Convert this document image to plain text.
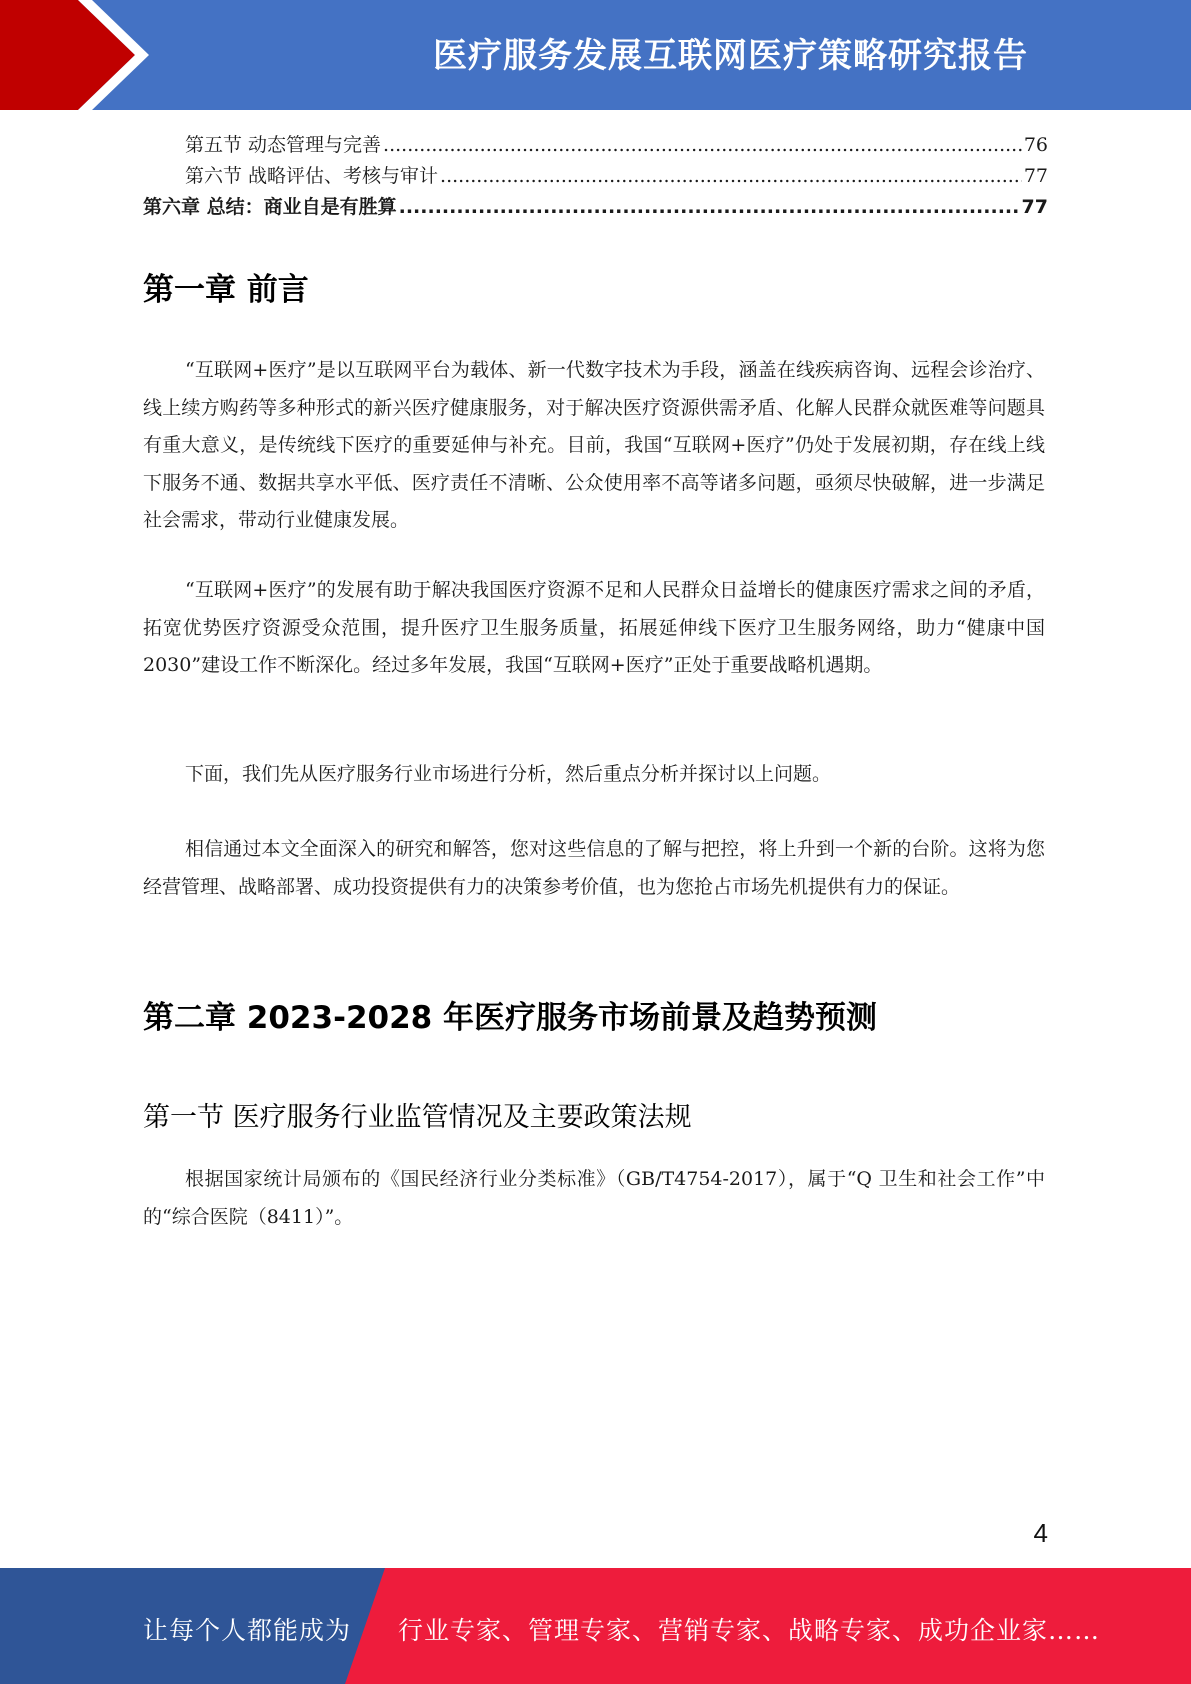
医疗服务发展互联网医疗策略研究报告
第五节 动态管理与完善 .....	76
第六节 战略评估、考核与审计 .....	77
第六章 总结：商业自是有胜算 .....	77
第一章 前言
“互联网+医疗”是以互联网平台为载体、新一代数字技术为手段，涵盖在线疾病咨询、远程会诊治疗、线上续方购药等多种形式的新兴医疗健康服务，对于解决医疗资源供需矛盾、化解人民群众就医难等问题具有重大意义，是传统线下医疗的重要延伸与补充。目前，我国“互联网+医疗”仍处于发展初期，存在线上线下服务不通、数据共享水平低、医疗责任不清晰、公众使用率不高等诸多问题，亟须尽快破解，进一步满足社会需求，带动行业健康发展。
“互联网+医疗”的发展有助于解决我国医疗资源不足和人民群众日益增长的健康医疗需求之间的矛盾，拓宽优势医疗资源受众范围，提升医疗卫生服务质量，拓展延伸线下医疗卫生服务网络，助力“健康中国 2030”建设工作不断深化。经过多年发展，我国“互联网+医疗”正处于重要战略机遇期。
下面，我们先从医疗服务行业市场进行分析，然后重点分析并探讨以上问题。
相信通过本文全面深入的研究和解答，您对这些信息的了解与把控，将上升到一个新的台阶。这将为您经营管理、战略部署、成功投资提供有力的决策参考价值，也为您抢占市场先机提供有力的保证。
第二章 2023-2028 年医疗服务市场前景及趋势预测
第一节 医疗服务行业监管情况及主要政策法规
根据国家统计局颁布的《国民经济行业分类标准》（GB/T4754-2017），属于“Q 卫生和社会工作”中的“综合医院（8411）”。
4
让每个人都能成为 行业专家、管理专家、营销专家、战略专家、成功企业家……
